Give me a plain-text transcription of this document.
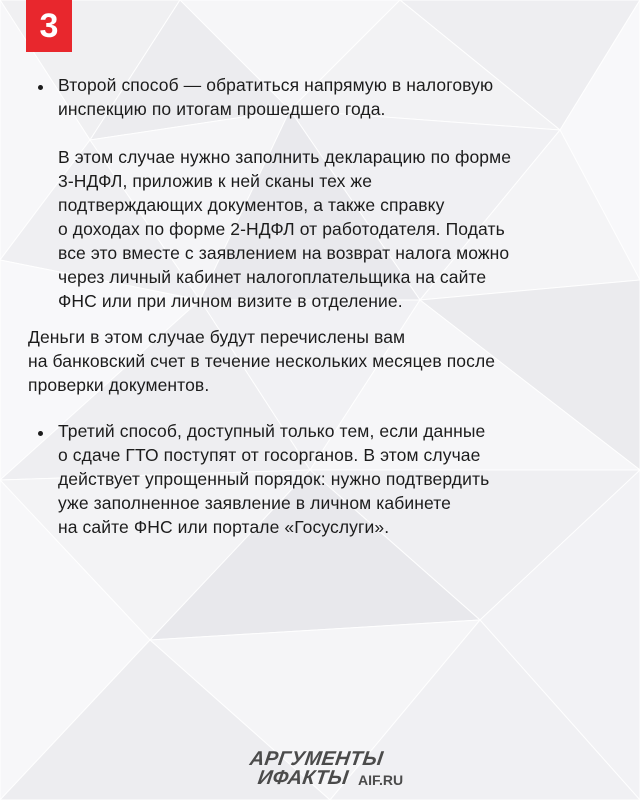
3

Второй способ — обратиться напрямую в налоговую
инспекцию по итогам прошедшего года.

В этом случае нужно заполнить декларацию по форме
3-НДФЛ, приложив к ней сканы тех же
подтверждающих документов, а также справку
о доходах по форме 2-НДФЛ от работодателя. Подать
все это вместе с заявлением на возврат налога можно
через личный кабинет налогоплательщика на сайте
ФНС или при личном визите в отделение.

Деньги в этом случае будут перечислены вам
на банковский счет в течение нескольких месяцев после
проверки документов.

Третий способ, доступный только тем, если данные
о сдаче ГТО поступят от госорганов. В этом случае
действует упрощенный порядок: нужно подтвердить
уже заполненное заявление в личном кабинете
на сайте ФНС или портале «Госуслуги».

АРГУМЕНТЫ
ИФАКТЫ AIF.RU
